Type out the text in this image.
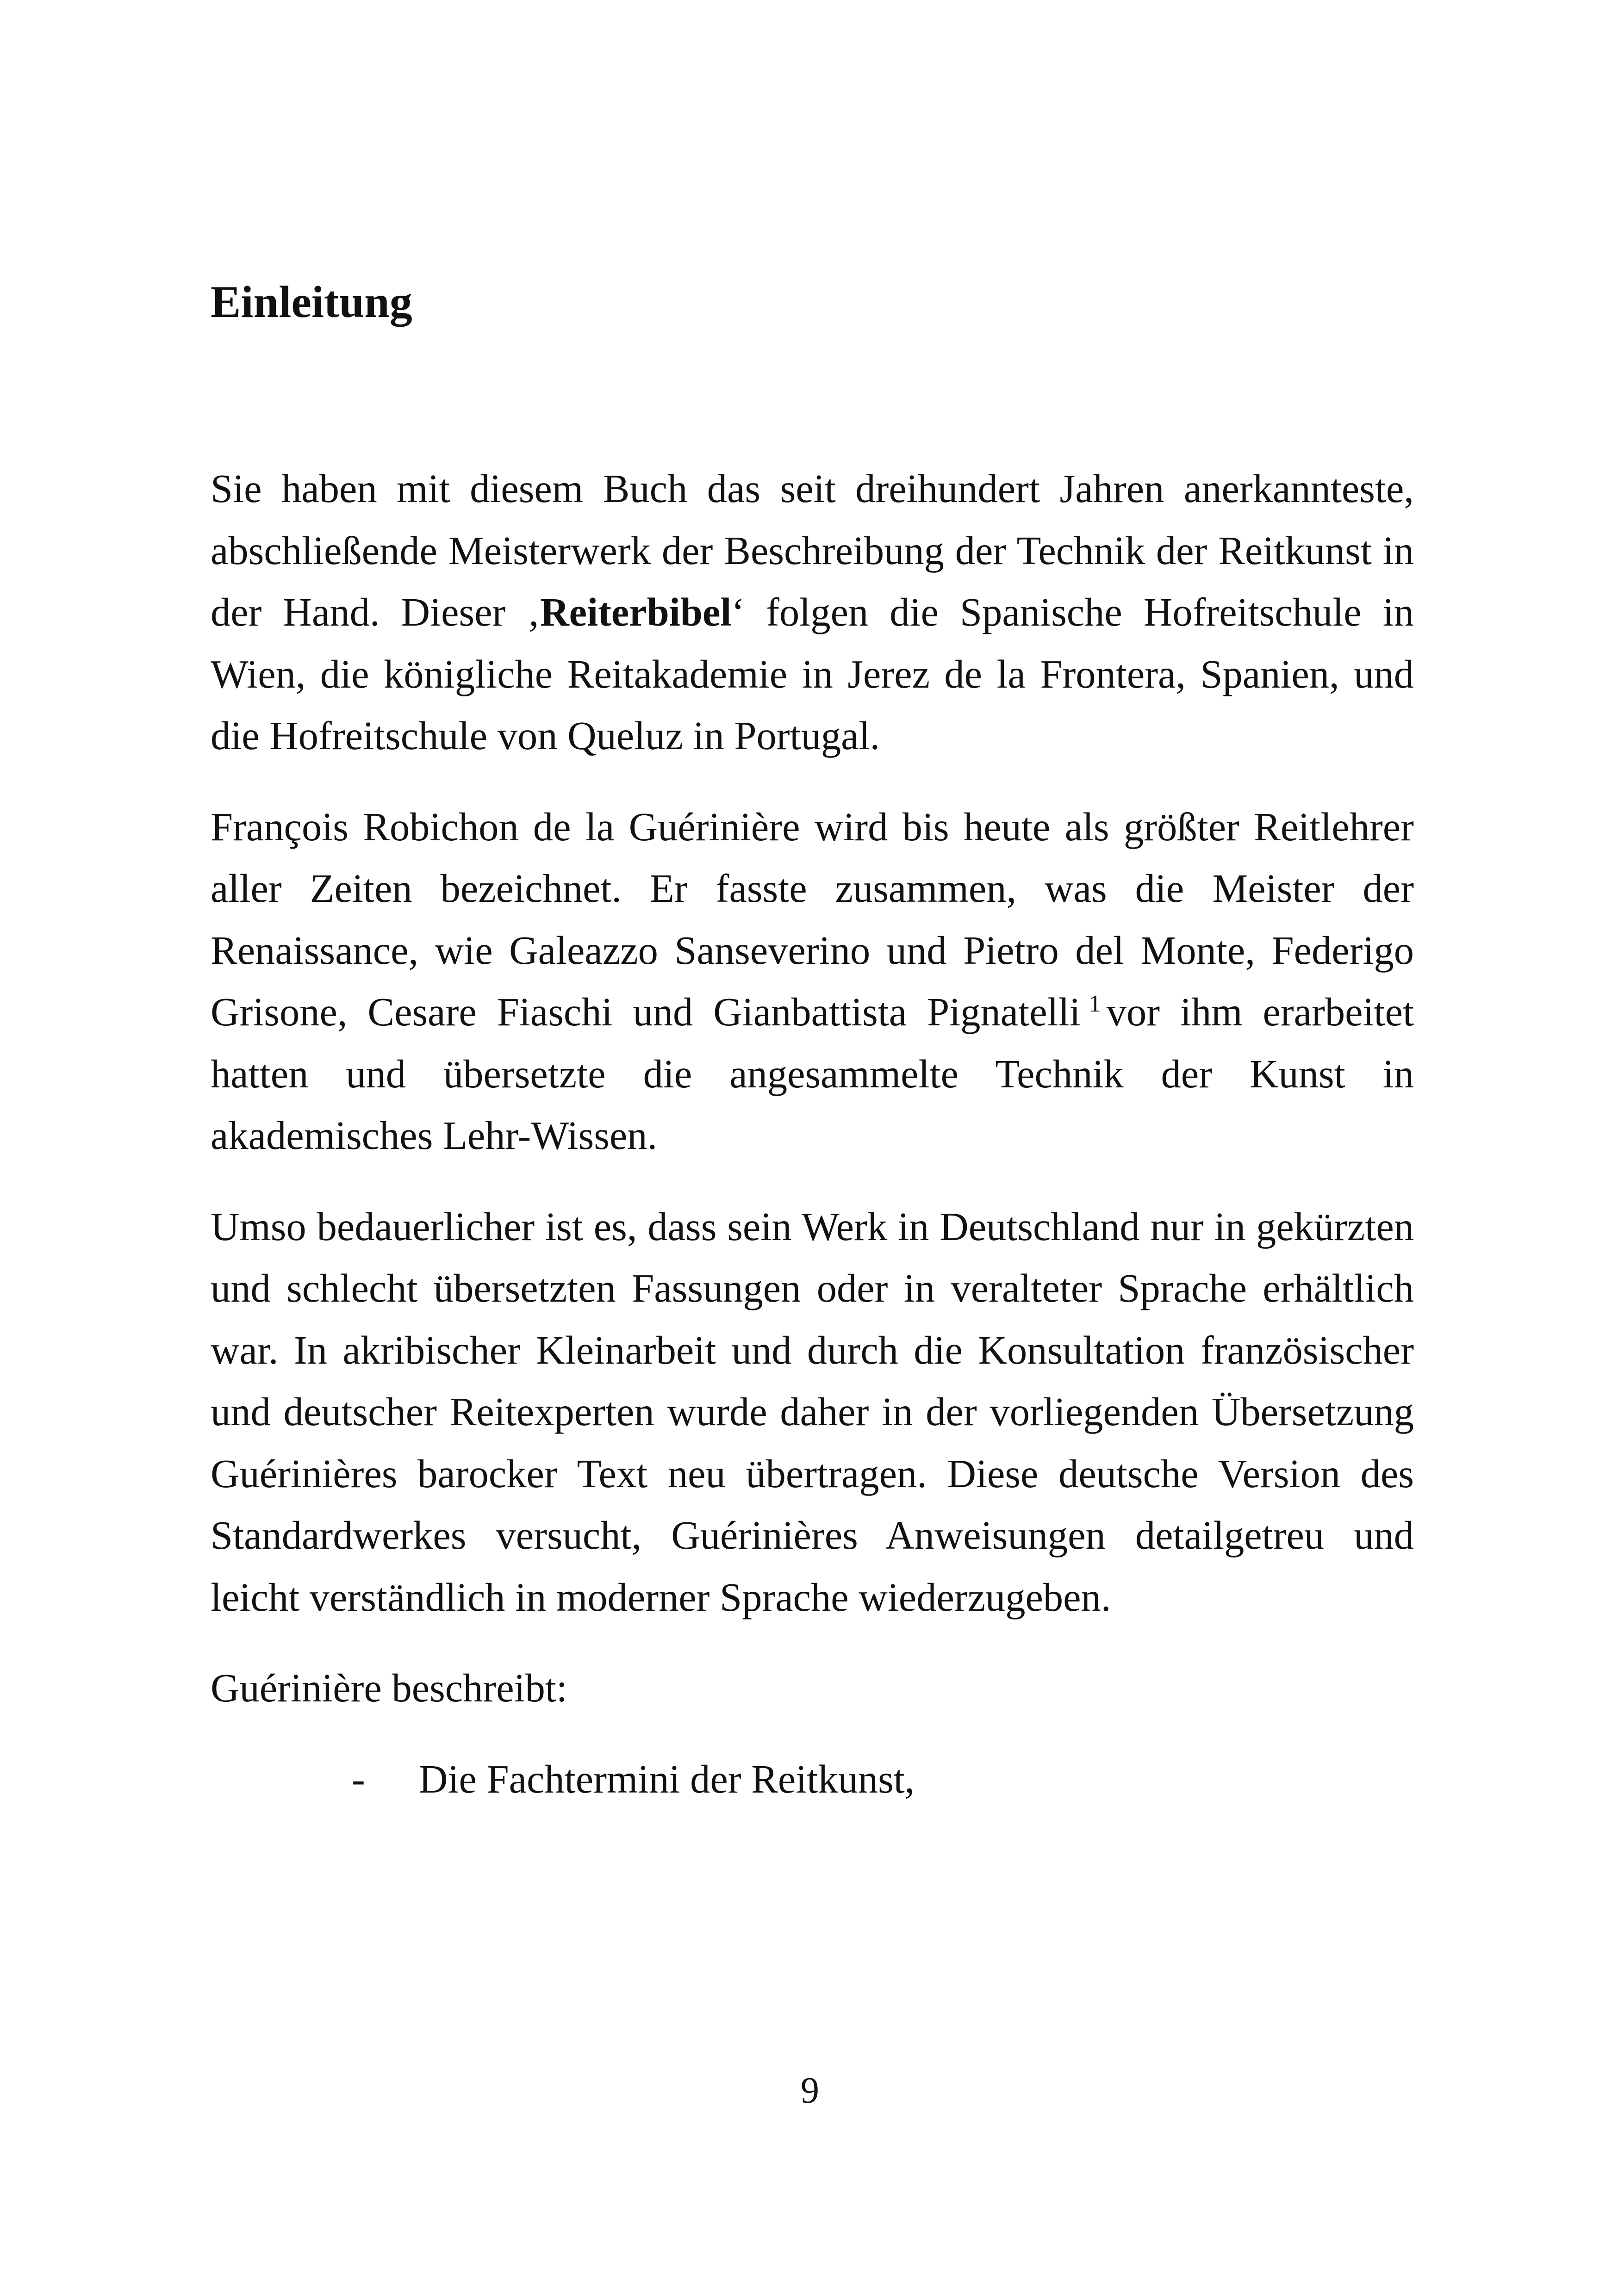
Einleitung

Sie haben mit diesem Buch das seit dreihundert Jahren anerkannteste, abschließende Meisterwerk der Beschreibung der Technik der Reitkunst in der Hand. Dieser ‚Reiterbibel‘ folgen die Spanische Hofreitschule in Wien, die königliche Reitakademie in Jerez de la Frontera, Spanien, und die Hofreitschule von Queluz in Portugal.

François Robichon de la Guérinière wird bis heute als größter Reitlehrer aller Zeiten bezeichnet. Er fasste zusammen, was die Meister der Renaissance, wie Galeazzo Sanseverino und Pietro del Monte, Federigo Grisone, Cesare Fiaschi und Gianbattista Pignatelli $^1$ vor ihm erarbeitet hatten und übersetzte die angesammelte Technik der Kunst in akademisches Lehr-Wissen.

Umso bedauerlicher ist es, dass sein Werk in Deutschland nur in gekürzten und schlecht übersetzten Fassungen oder in veralteter Sprache erhältlich war. In akribischer Kleinarbeit und durch die Konsultation französischer und deutscher Reitexperten wurde daher in der vorliegenden Übersetzung Guérinières barocker Text neu übertragen. Diese deutsche Version des Standardwerkes versucht, Guérinières Anweisungen detailgetreu und leicht verständlich in moderner Sprache wiederzugeben.

Guérinière beschreibt:

- Die Fachtermini der Reitkunst,
9
